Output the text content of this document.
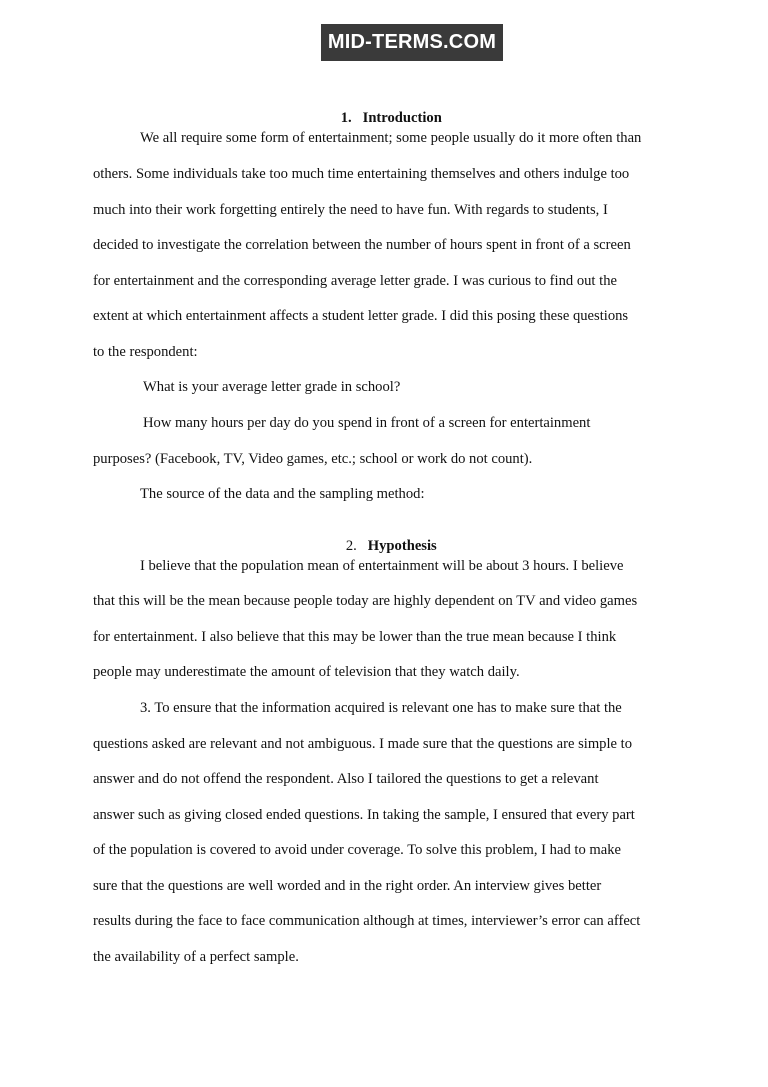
MID-TERMS.COM

1. Introduction

We all require some form of entertainment; some people usually do it more often than
others. Some individuals take too much time entertaining themselves and others indulge too
much into their work forgetting entirely the need to have fun. With regards to students, I
decided to investigate the correlation between the number of hours spent in front of a screen
for entertainment and the corresponding average letter grade. I was curious to find out the
extent at which entertainment affects a student letter grade. I did this posing these questions
to the respondent:
What is your average letter grade in school?
How many hours per day do you spend in front of a screen for entertainment
purposes? (Facebook, TV, Video games, etc.; school or work do not count).
The source of the data and the sampling method:

2. Hypothesis

I believe that the population mean of entertainment will be about 3 hours. I believe
that this will be the mean because people today are highly dependent on TV and video games
for entertainment. I also believe that this may be lower than the true mean because I think
people may underestimate the amount of television that they watch daily.
3. To ensure that the information acquired is relevant one has to make sure that the
questions asked are relevant and not ambiguous. I made sure that the questions are simple to
answer and do not offend the respondent. Also I tailored the questions to get a relevant
answer such as giving closed ended questions. In taking the sample, I ensured that every part
of the population is covered to avoid under coverage. To solve this problem, I had to make
sure that the questions are well worded and in the right order. An interview gives better
results during the face to face communication although at times, interviewer’s error can affect
the availability of a perfect sample.
